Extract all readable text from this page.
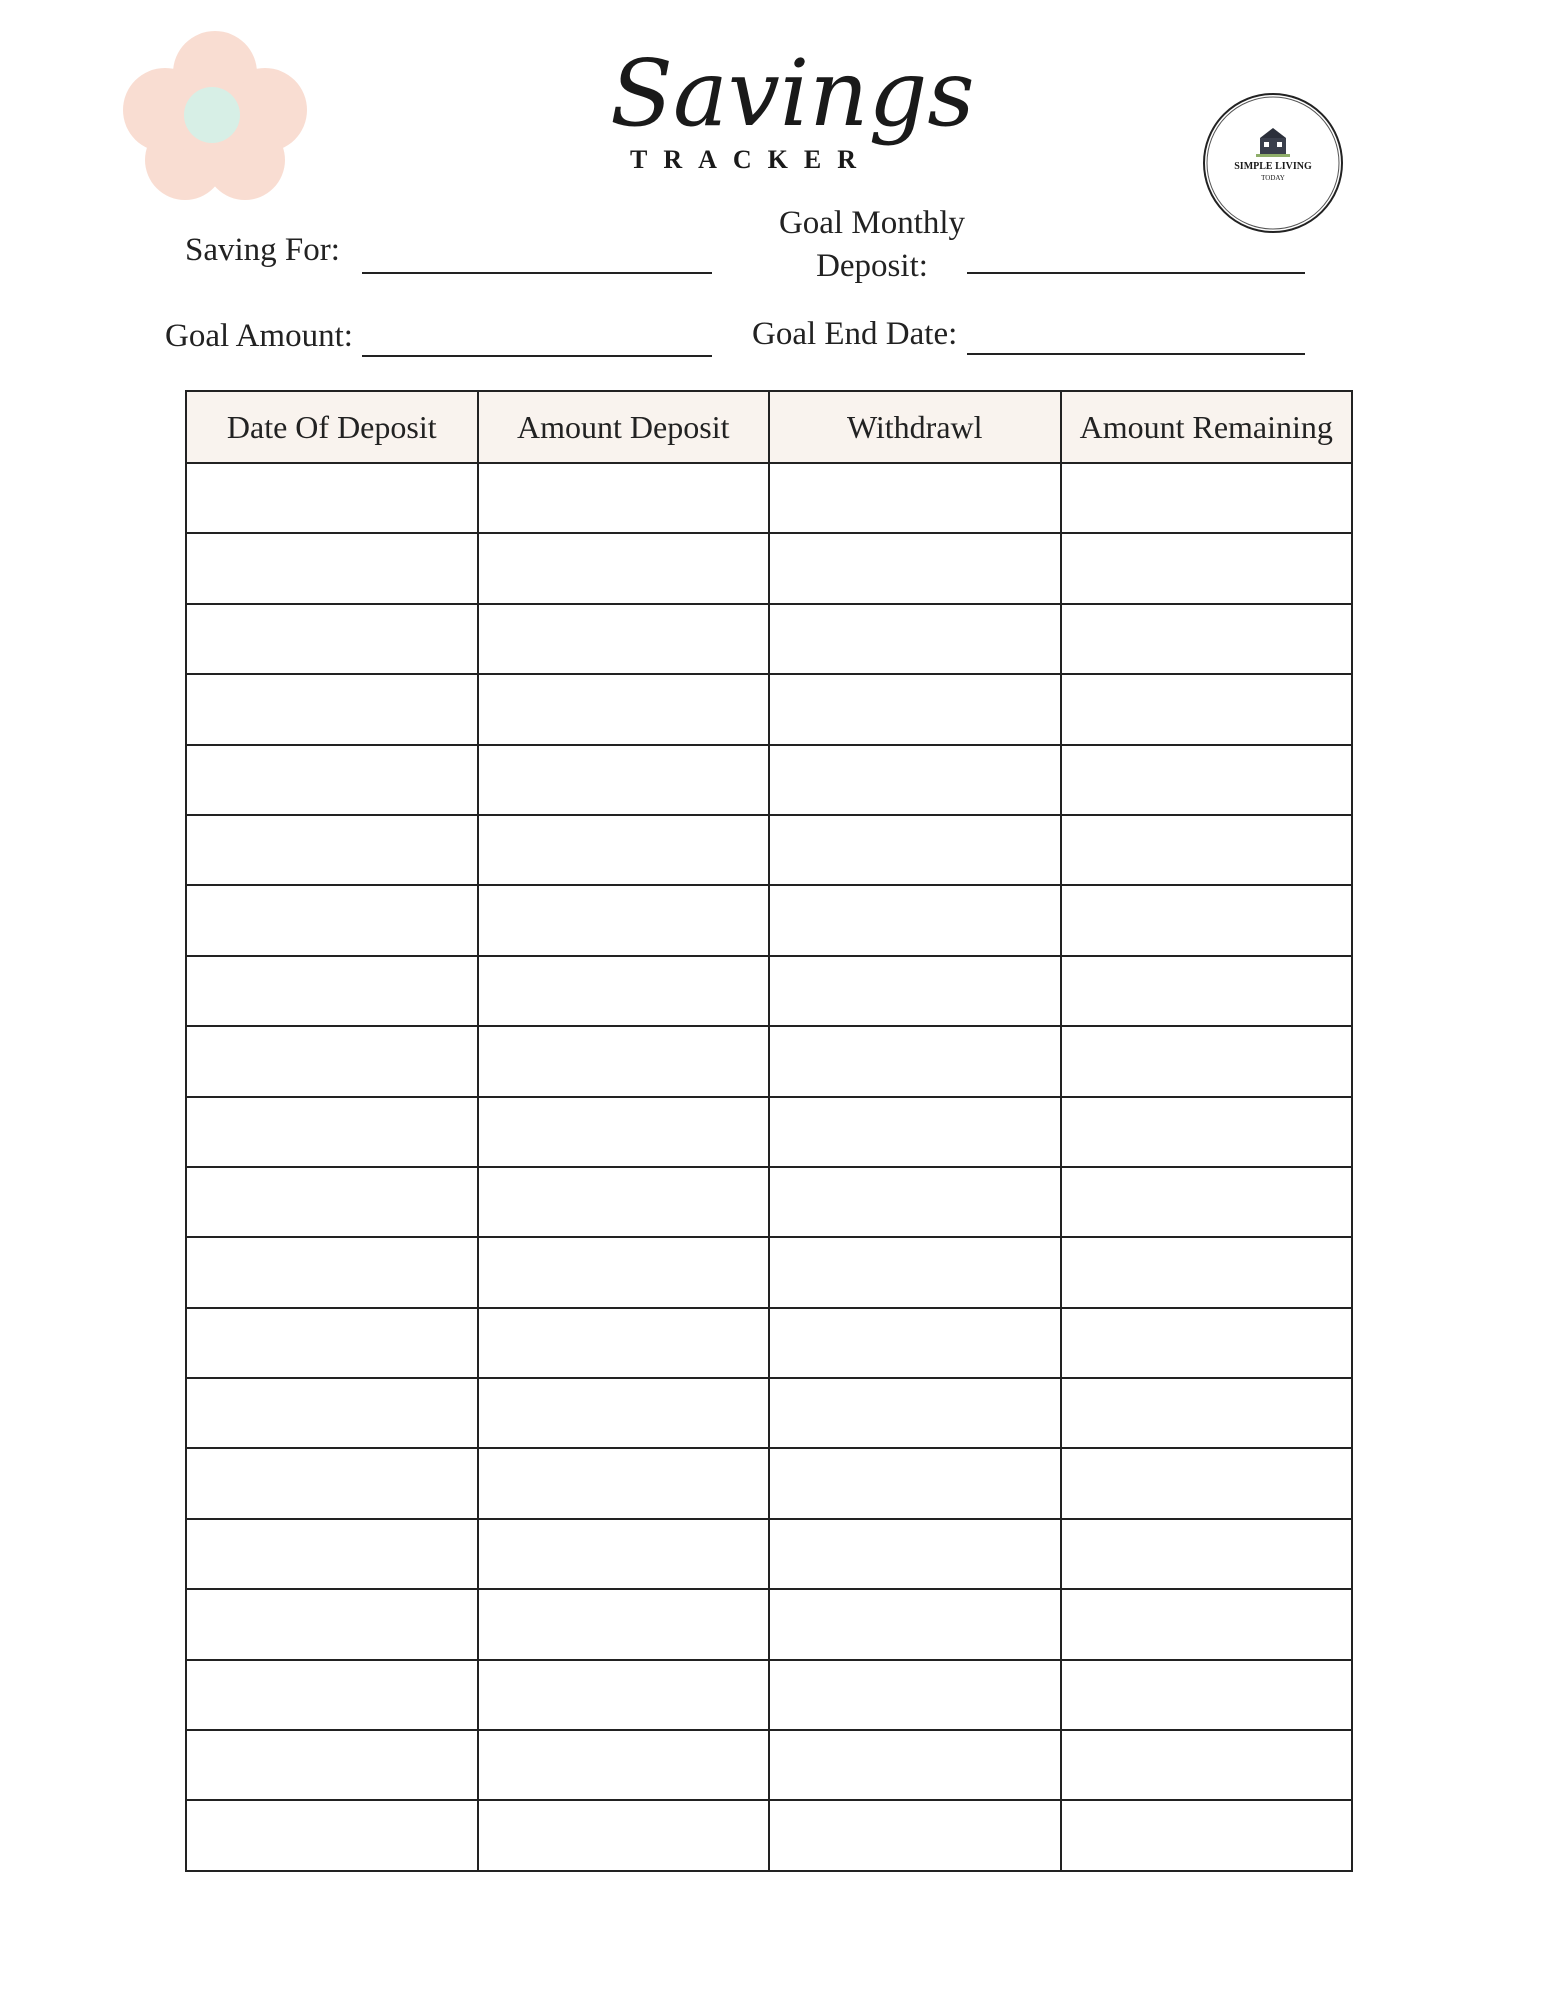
Savings
TRACKER	SIMPLE LIVING
TODAY
Saving For:
Goal Monthly
Deposit:
Goal Amount:	Goal End Date:
Date Of Deposit	Amount Deposit	Withdrawl	Amount Remaining
